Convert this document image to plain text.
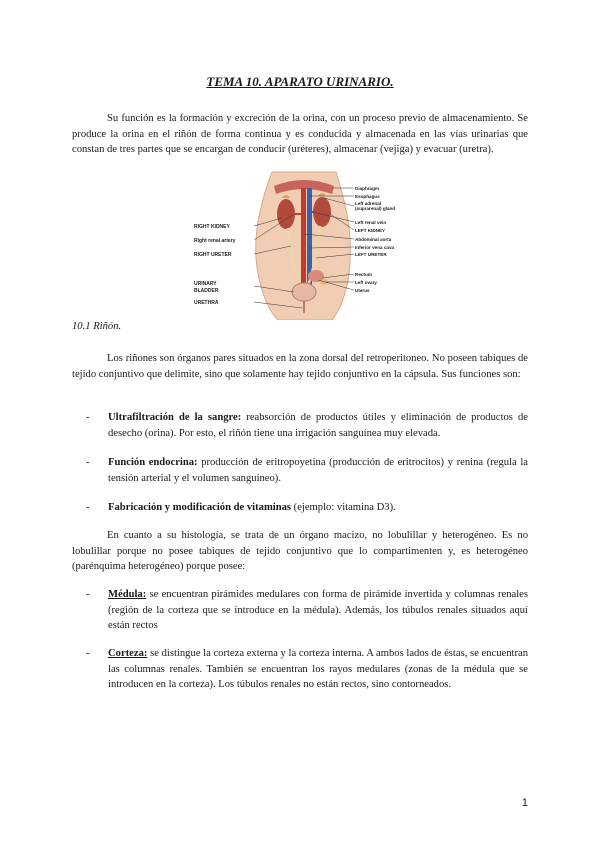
TEMA 10. APARATO URINARIO.

Su función es la formación y excreción de la orina, con un proceso previo de almacenamiento. Se produce la orina en el riñón de forma continua y es conducida y almacenada en las vías urinarias que constan de tres partes que se encargan de conducir (uréteres), almacenar (vejiga) y evacuar (uretra).

RIGHT KIDNEY
Right renal artery
RIGHT URETER
URINARY
BLADDER
URETHRA
Diaphragm
Esophagus
Left adrenal
(suprarenal) gland
Left renal vein
LEFT KIDNEY
Abdominal aorta
Inferior vena cava
LEFT URETER
Rectum
Left ovary
Uterus
10.1 Riñón.

Los riñones son órganos pares situados en la zona dorsal del retroperitoneo. No poseen tabiques de tejido conjuntivo que delimite, sino que solamente hay tejido conjuntivo en la cápsula. Sus funciones son:

- Ultrafiltración de la sangre: reabsorción de productos útiles y eliminación de productos de desecho (orina). Por esto, el riñón tiene una irrigación sanguínea muy elevada.
- Función endocrina: producción de eritropoyetina (producción de eritrocitos) y renina (regula la tensión arterial y el volumen sanguíneo).
- Fabricación y modificación de vitaminas (ejemplo: vitamina D3).

En cuanto a su histología, se trata de un órgano macizo, no lobulillar y heterogéneo. Es no lobulillar porque no posee tabiques de tejido conjuntivo que lo compartimenten y, es heterogéneo (parénquima heterogéneo) porque posee:

- Médula: se encuentran pirámides medulares con forma de pirámide invertida y columnas renales (región de la corteza que se introduce en la médula). Además, los túbulos renales situados aquí están rectos
- Corteza: se distingue la corteza externa y la corteza interna. A ambos lados de éstas, se encuentran las columnas renales. También se encuentran los rayos medulares (zonas de la médula que se introducen en la corteza). Los túbulos renales no están rectos, sino contorneados.
1
